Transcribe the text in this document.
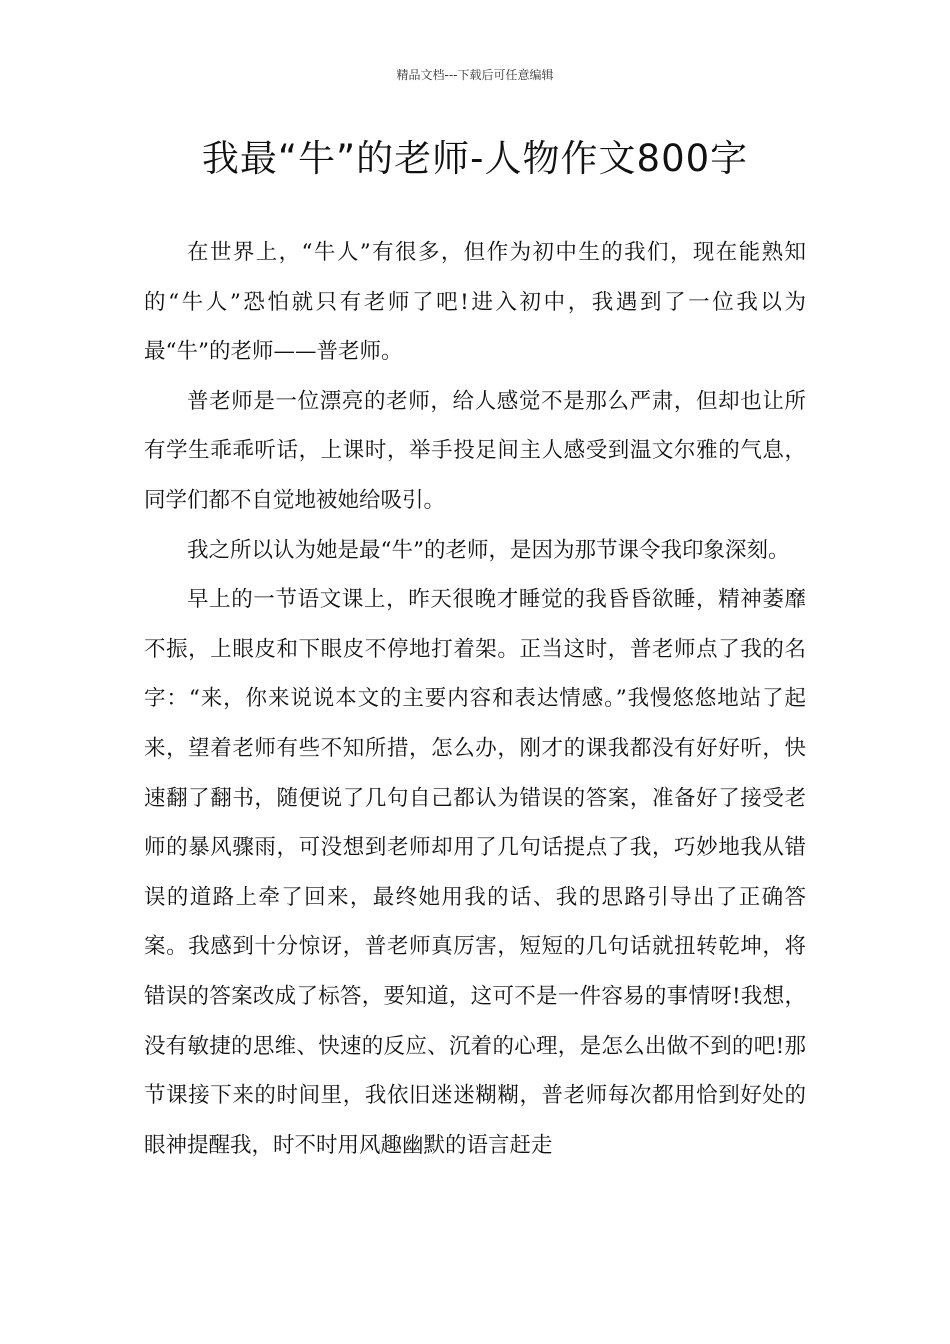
精品文档---下载后可任意编辑
我最“牛”的老师-人物作文800字

在世界上，“牛人”有很多，但作为初中生的我们，现在能熟知的“牛人”恐怕就只有老师了吧!进入初中，我遇到了一位我以为最“牛”的老师——普老师。

普老师是一位漂亮的老师，给人感觉不是那么严肃，但却也让所有学生乖乖听话，上课时，举手投足间主人感受到温文尔雅的气息，同学们都不自觉地被她给吸引。

我之所以认为她是最“牛”的老师，是因为那节课令我印象深刻。

早上的一节语文课上，昨天很晚才睡觉的我昏昏欲睡，精神萎靡不振，上眼皮和下眼皮不停地打着架。正当这时，普老师点了我的名字：“来，你来说说本文的主要内容和表达情感。”我慢悠悠地站了起来，望着老师有些不知所措，怎么办，刚才的课我都没有好好听，快速翻了翻书，随便说了几句自己都认为错误的答案，准备好了接受老师的暴风骤雨，可没想到老师却用了几句话提点了我，巧妙地我从错误的道路上牵了回来，最终她用我的话、我的思路引导出了正确答案。我感到十分惊讶，普老师真厉害，短短的几句话就扭转乾坤，将错误的答案改成了标答，要知道，这可不是一件容易的事情呀!我想，没有敏捷的思维、快速的反应、沉着的心理，是怎么出做不到的吧!那节课接下来的时间里，我依旧迷迷糊糊，普老师每次都用恰到好处的眼神提醒我，时不时用风趣幽默的语言赶走
